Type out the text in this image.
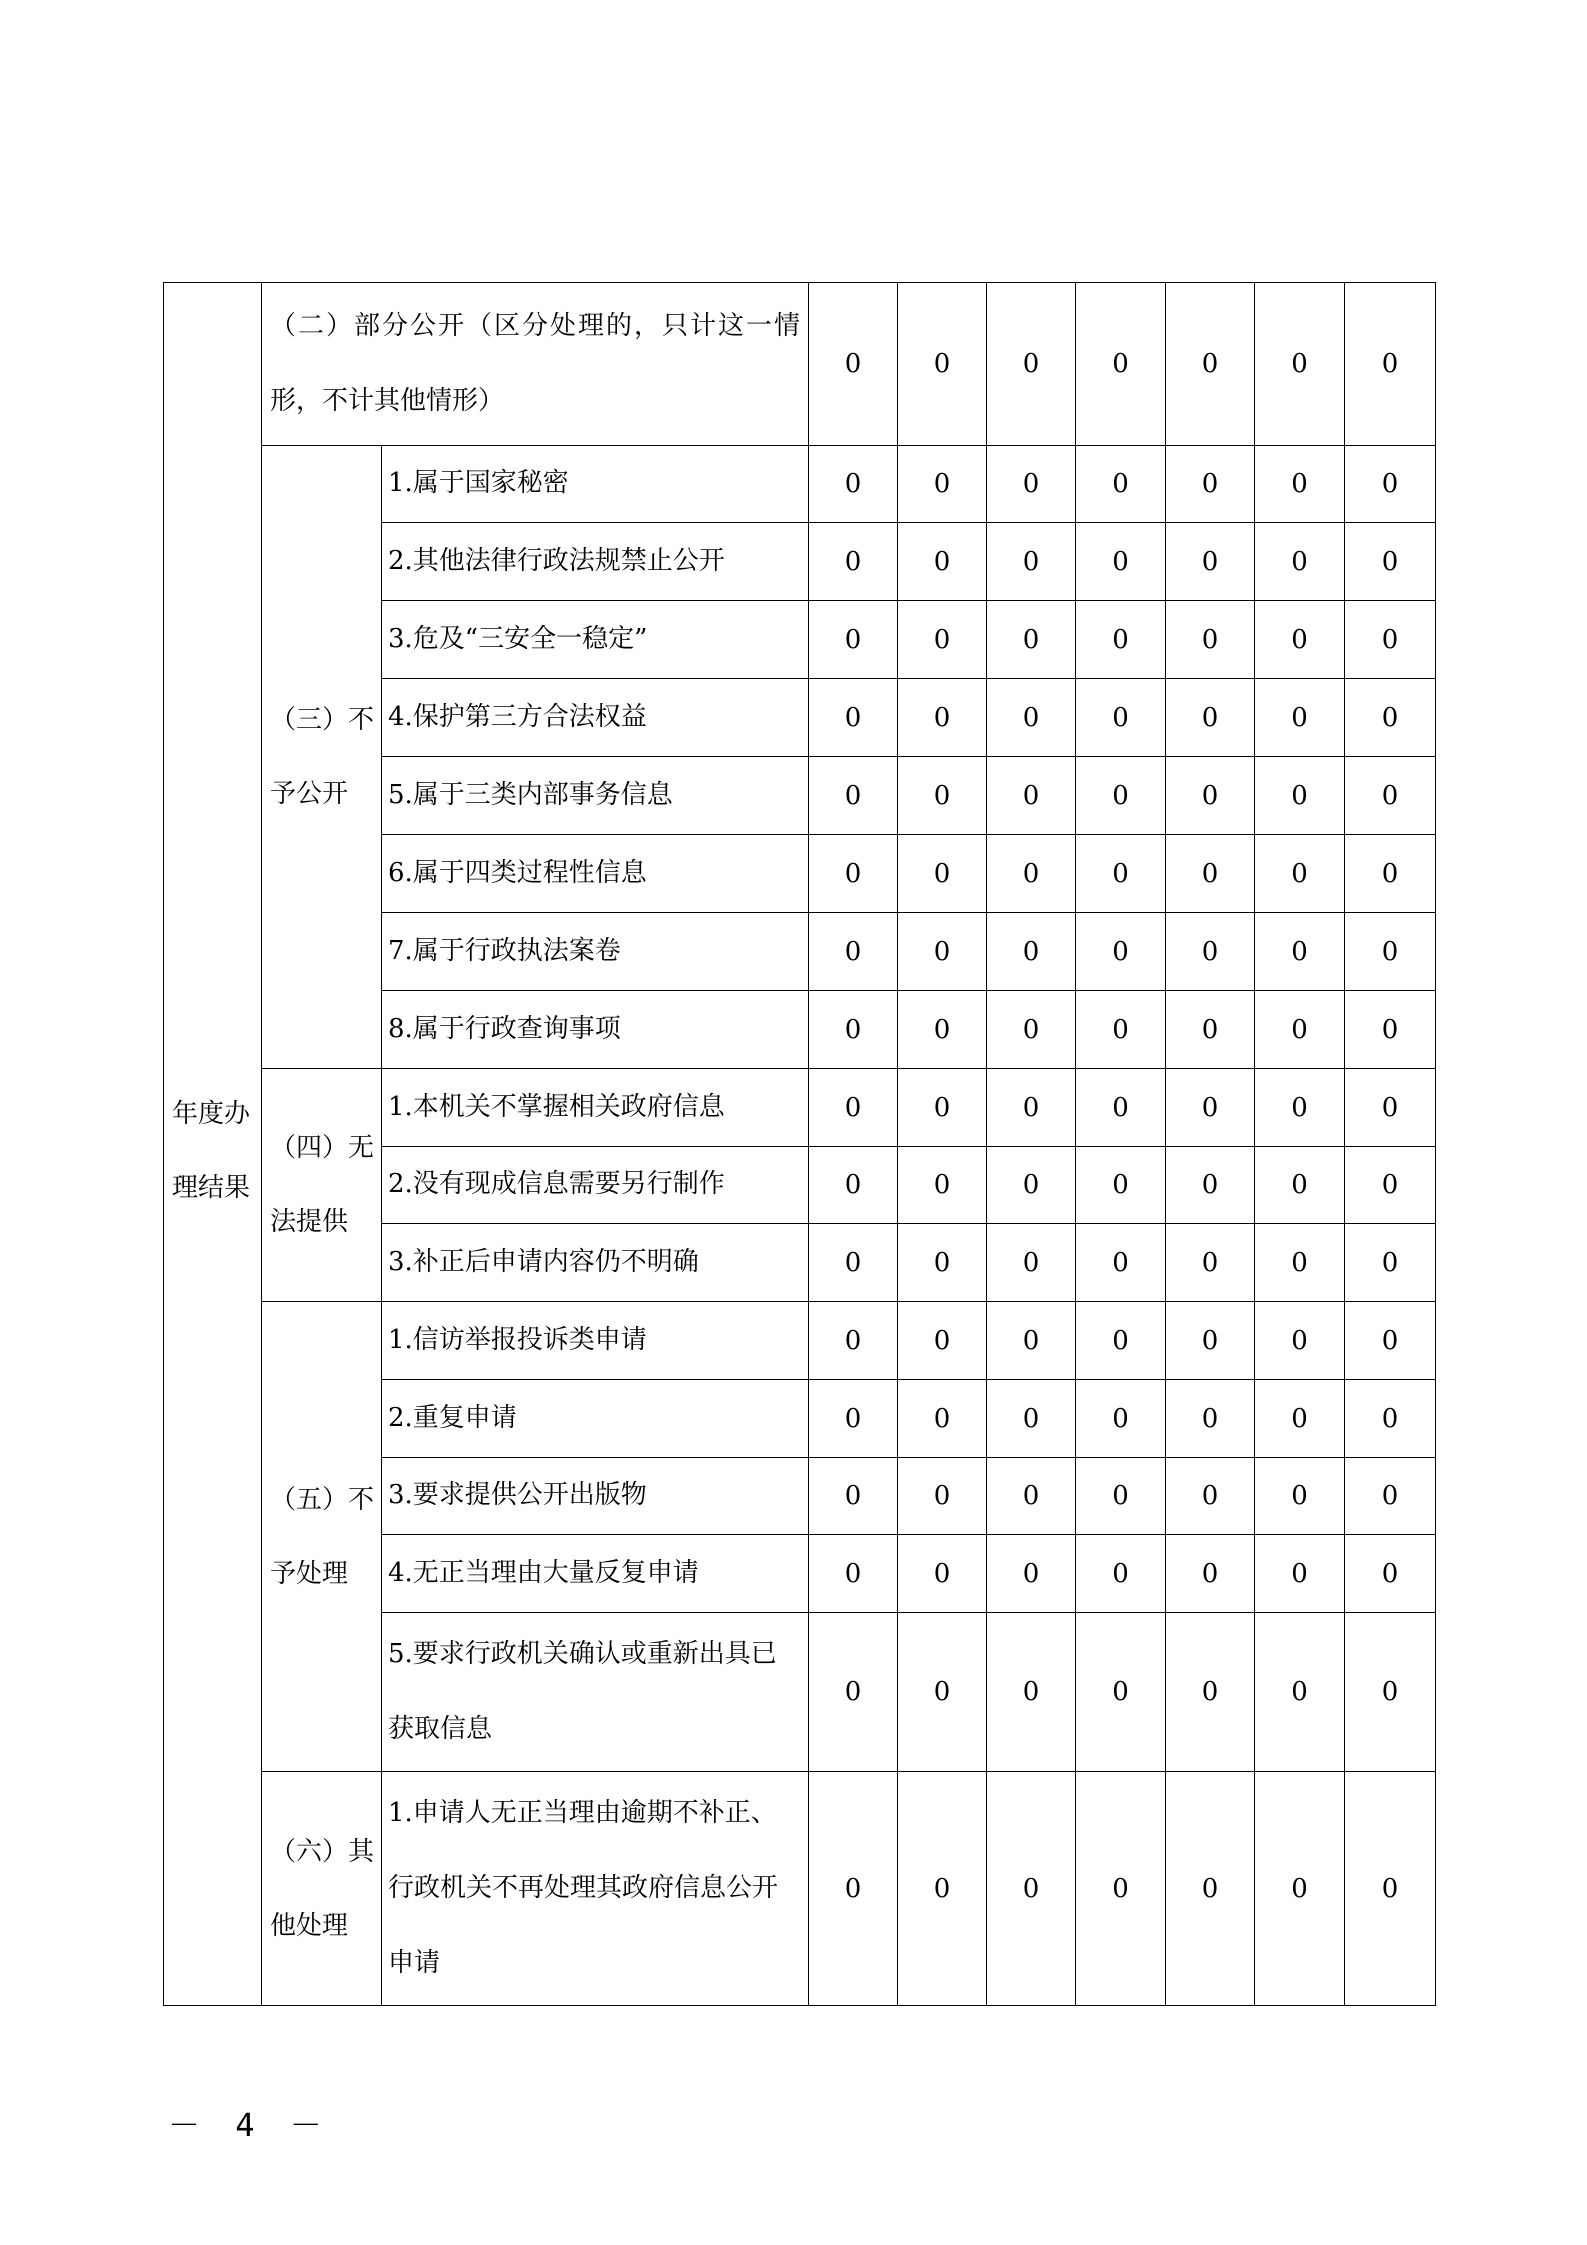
年度办理结果	（二）部分公开（区分处理的，只计这一情形，不计其他情形）		0	0	0	0	0	0	0
	（三）不予公开	1.属于国家秘密	0	0	0	0	0	0	0
		2.其他法律行政法规禁止公开	0	0	0	0	0	0	0
		3.危及“三安全一稳定”	0	0	0	0	0	0	0
		4.保护第三方合法权益	0	0	0	0	0	0	0
		5.属于三类内部事务信息	0	0	0	0	0	0	0
		6.属于四类过程性信息	0	0	0	0	0	0	0
		7.属于行政执法案卷	0	0	0	0	0	0	0
		8.属于行政查询事项	0	0	0	0	0	0	0
	（四）无法提供	1.本机关不掌握相关政府信息	0	0	0	0	0	0	0
		2.没有现成信息需要另行制作	0	0	0	0	0	0	0
		3.补正后申请内容仍不明确	0	0	0	0	0	0	0
	（五）不予处理	1.信访举报投诉类申请	0	0	0	0	0	0	0
		2.重复申请	0	0	0	0	0	0	0
		3.要求提供公开出版物	0	0	0	0	0	0	0
		4.无正当理由大量反复申请	0	0	0	0	0	0	0
		5.要求行政机关确认或重新出具已获取信息	0	0	0	0	0	0	0
	（六）其他处理	1.申请人无正当理由逾期不补正、行政机关不再处理其政府信息公开申请	0	0	0	0	0	0	0
－ 4 －
